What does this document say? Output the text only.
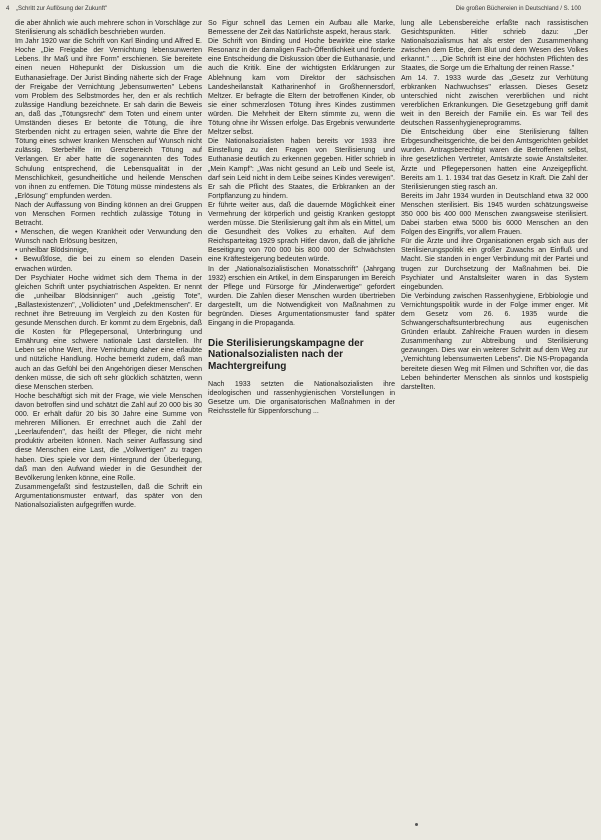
4 „Schritt zur Auflösung der Zukunft"	Die großen Büchereien in Deutschland / S. 100

die aber ähnlich wie auch mehrere schon in Vorschläge zur Sterilisierung als schädlich beschrieben wurden.

Im Jahr 1920 war die Schrift von Karl Binding und Alfred E. Hoche „Die Freigabe der Vernichtung lebensunwerten Lebens. Ihr Maß und ihre Form" erschienen. Sie bereitete einen neuen Höhepunkt der Diskussion um die Euthanasiefrage. Der Jurist Binding näherte sich der Frage der Freigabe der Vernichtung „lebensunwerten" Lebens vom Problem des Selbstmordes her, den er als rechtlich zulässige Handlung bezeichnete. Er sah darin die Beweis an, daß das „Tötungsrecht" dem Toten und einem unter Umständen dieses Er betonte die Tötung, die ihre Sterbenden nicht zu ertragen seien, wahrte die Ehre der Tötung eines schwer kranken Menschen auf Wunsch nicht zulässig. Sterbehilfe im Grenzbereich Tötung auf Verlangen. Er aber hatte die sogenannten des Todes Schulung entsprechend, die Lebensqualität in der Menschlichkeit, gesundheitliche und heilende Menschen von ihnen zu entfernen. Die Tötung müsse mindestens als „Erlösung" empfunden werden.

Nach der Auffassung von Binding können an drei Gruppen von Menschen Formen rechtlich zulässige Tötung in Betracht.

• Menschen, die wegen Krankheit oder Verwundung den Wunsch nach Erlösung besitzen,

• unheilbar Blödsinnige,

• Bewußtlose, die bei zu einem so elenden Dasein erwachen würden.

Der Psychiater Hoche widmet sich dem Thema in der gleichen Schrift unter psychiatrischen Aspekten. Er nennt die „unheilbar Blödsinnigen" auch „geistig Tote", „Ballastexistenzen", „Vollidioten" und „Defektmenschen". Er rechnet ihre Betreuung im Vergleich zu den Kosten für gesunde Menschen durch. Er kommt zu dem Ergebnis, daß die Kosten für Pflegepersonal, Unterbringung und Ernährung eine schwere nationale Last darstellen. Ihr Leben sei ohne Wert, ihre Vernichtung daher eine erlaubte und nützliche Handlung. Hoche bemerkt zudem, daß man auch an das Gefühl bei den Angehörigen dieser Menschen denken müsse, die sich oft sehr glücklich schätzten, wenn diese Menschen sterben.

Hoche beschäftigt sich mit der Frage, wie viele Menschen davon betroffen sind und schätzt die Zahl auf 20 000 bis 30 000. Er erhält dafür 20 bis 30 Jahre eine Summe von mehreren Millionen. Er errechnet auch die Zahl der „Leerlaufenden", das heißt der Pfleger, die nicht mehr produktiv arbeiten können. Nach seiner Auffassung sind diese Menschen eine Last, die „Vollwertigen" zu tragen haben. Dies spiele vor dem Hintergrund der Überlegung, daß man den Aufwand wieder in die Gesundheit der Bevölkerung lenken könne, eine Rolle.

Zusammengefaßt sind festzustellen, daß die Schrift ein Argumentationsmuster entwarf, das später von den Nationalsozialisten aufgegriffen wurde.

So Figur schnell das Lernen ein Aufbau alle Marke, Bemessene der Zeit das Natürlichste aspekt, heraus stark.

Die Schrift von Binding und Hoche bewirkte eine starke Resonanz in der damaligen Fach-Öffentlichkeit und forderte eine Entscheidung die Diskussion über die Euthanasie, und auch die Kritik. Eine der wichtigsten Erklärungen zur Ablehnung kam vom Direktor der sächsischen Landesheilanstalt Katharinenhof in Großhennersdorf, Meltzer. Er befragte die Eltern der betroffenen Kinder, ob sie einer schmerzlosen Tötung ihres Kindes zustimmen würden. Die Mehrheit der Eltern stimmte zu, wenn die Tötung ohne ihr Wissen erfolge. Das Ergebnis verwunderte Meltzer selbst.

Die Nationalsozialisten haben bereits vor 1933 ihre Einstellung zu den Fragen von Sterilisierung und Euthanasie deutlich zu erkennen gegeben. Hitler schrieb in „Mein Kampf": „Was nicht gesund an Leib und Seele ist, darf sein Leid nicht in dem Leibe seines Kindes verewigen". Er sah die Pflicht des Staates, die Erbkranken an der Fortpflanzung zu hindern.

Er führte weiter aus, daß die dauernde Möglichkeit einer Vermehrung der körperlich und geistig Kranken gestoppt werden müsse. Die Sterilisierung galt ihm als ein Mittel, um die Gesundheit des Volkes zu erhalten. Auf dem Reichsparteitag 1929 sprach Hitler davon, daß die jährliche Beseitigung von 700 000 bis 800 000 der Schwächsten eine Kräftesteigerung bedeuten würde.

In der „Nationalsozialistischen Monatsschrift" (Jahrgang 1932) erschien ein Artikel, in dem Einsparungen im Bereich der Pflege und Fürsorge für „Minderwertige" gefordert wurden. Die Zahlen dieser Menschen wurden übertrieben dargestellt, um die Notwendigkeit von Maßnahmen zu begründen. Dieses Argumentationsmuster fand später Eingang in die Propaganda.

Die Sterilisierungskampagne der Nationalsozialisten nach der Machtergreifung

Nach 1933 setzten die Nationalsozialisten ihre ideologischen und rassenhygienischen Vorstellungen in Gesetze um. Die organisatorischen Maßnahmen in der Reichsstelle für Sippenforschung ...

lung alle Lebensbereiche erfaßte nach rassistischen Gesichtspunkten. Hitler schrieb dazu: „Der Nationalsozialismus hat als erster den Zusammenhang zwischen dem Erbe, dem Blut und dem Wesen des Volkes erkannt." ... „Die Schrift ist eine der höchsten Pflichten des Staates, die Sorge um die Erhaltung der reinen Rasse."

Am 14. 7. 1933 wurde das „Gesetz zur Verhütung erbkranken Nachwuchses" erlassen. Dieses Gesetz unterschied nicht zwischen vererblichen und nicht vererblichen Erkrankungen. Die Gesetzgebung griff damit weit in den Bereich der Familie ein. Es war Teil des deutschen Rassenhygieneprogramms.

Die Entscheidung über eine Sterilisierung fällten Erbgesundheitsgerichte, die bei den Amtsgerichten gebildet wurden. Antragsberechtigt waren die Betroffenen selbst, ihre gesetzlichen Vertreter, Amtsärzte sowie Anstaltsleiter. Ärzte und Pflegepersonen hatten eine Anzeigepflicht. Bereits am 1. 1. 1934 trat das Gesetz in Kraft. Die Zahl der Sterilisierungen stieg rasch an.

Bereits im Jahr 1934 wurden in Deutschland etwa 32 000 Menschen sterilisiert. Bis 1945 wurden schätzungsweise 350 000 bis 400 000 Menschen zwangsweise sterilisiert. Dabei starben etwa 5000 bis 6000 Menschen an den Folgen des Eingriffs, vor allem Frauen.

Für die Ärzte und ihre Organisationen ergab sich aus der Sterilisierungspolitik ein großer Zuwachs an Einfluß und Macht. Sie standen in enger Verbindung mit der Partei und trugen zur Durchsetzung der Maßnahmen bei. Die Psychiater und Anstaltsleiter waren in das System eingebunden.

Die Verbindung zwischen Rassenhygiene, Erbbiologie und Vernichtungspolitik wurde in der Folge immer enger. Mit dem Gesetz vom 26. 6. 1935 wurde die Schwangerschaftsunterbrechung aus eugenischen Gründen erlaubt. Zahlreiche Frauen wurden in diesem Zusammenhang zur Abtreibung und Sterilisierung gezwungen. Dies war ein weiterer Schritt auf dem Weg zur „Vernichtung lebensunwerten Lebens". Die NS-Propaganda bereitete diesen Weg mit Filmen und Schriften vor, die das Leben behinderter Menschen als sinnlos und kostspielig darstellten.
